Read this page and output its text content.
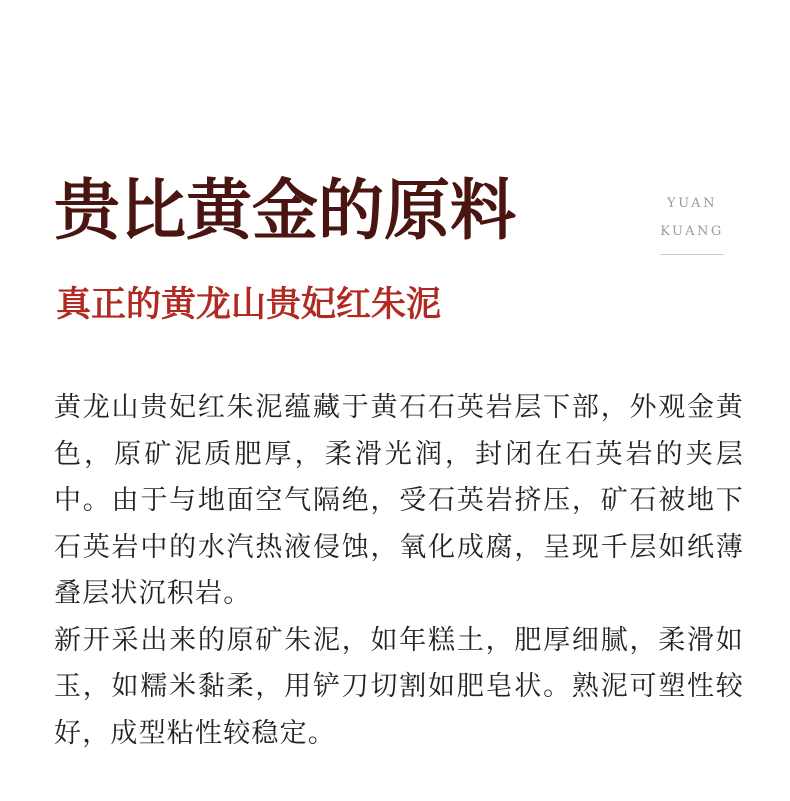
贵比黄金的原料	YUAN
KUANG
真正的黄龙山贵妃红朱泥

黄龙山贵妃红朱泥蕴藏于黄石石英岩层下部，外观金黄色，原矿泥质肥厚，柔滑光润，封闭在石英岩的夹层中。由于与地面空气隔绝，受石英岩挤压，矿石被地下石英岩中的水汽热液侵蚀，氧化成腐，呈现千层如纸薄叠层状沉积岩。

新开采出来的原矿朱泥，如年糕土，肥厚细腻，柔滑如玉，如糯米黏柔，用铲刀切割如肥皂状。熟泥可塑性较好，成型粘性较稳定。
